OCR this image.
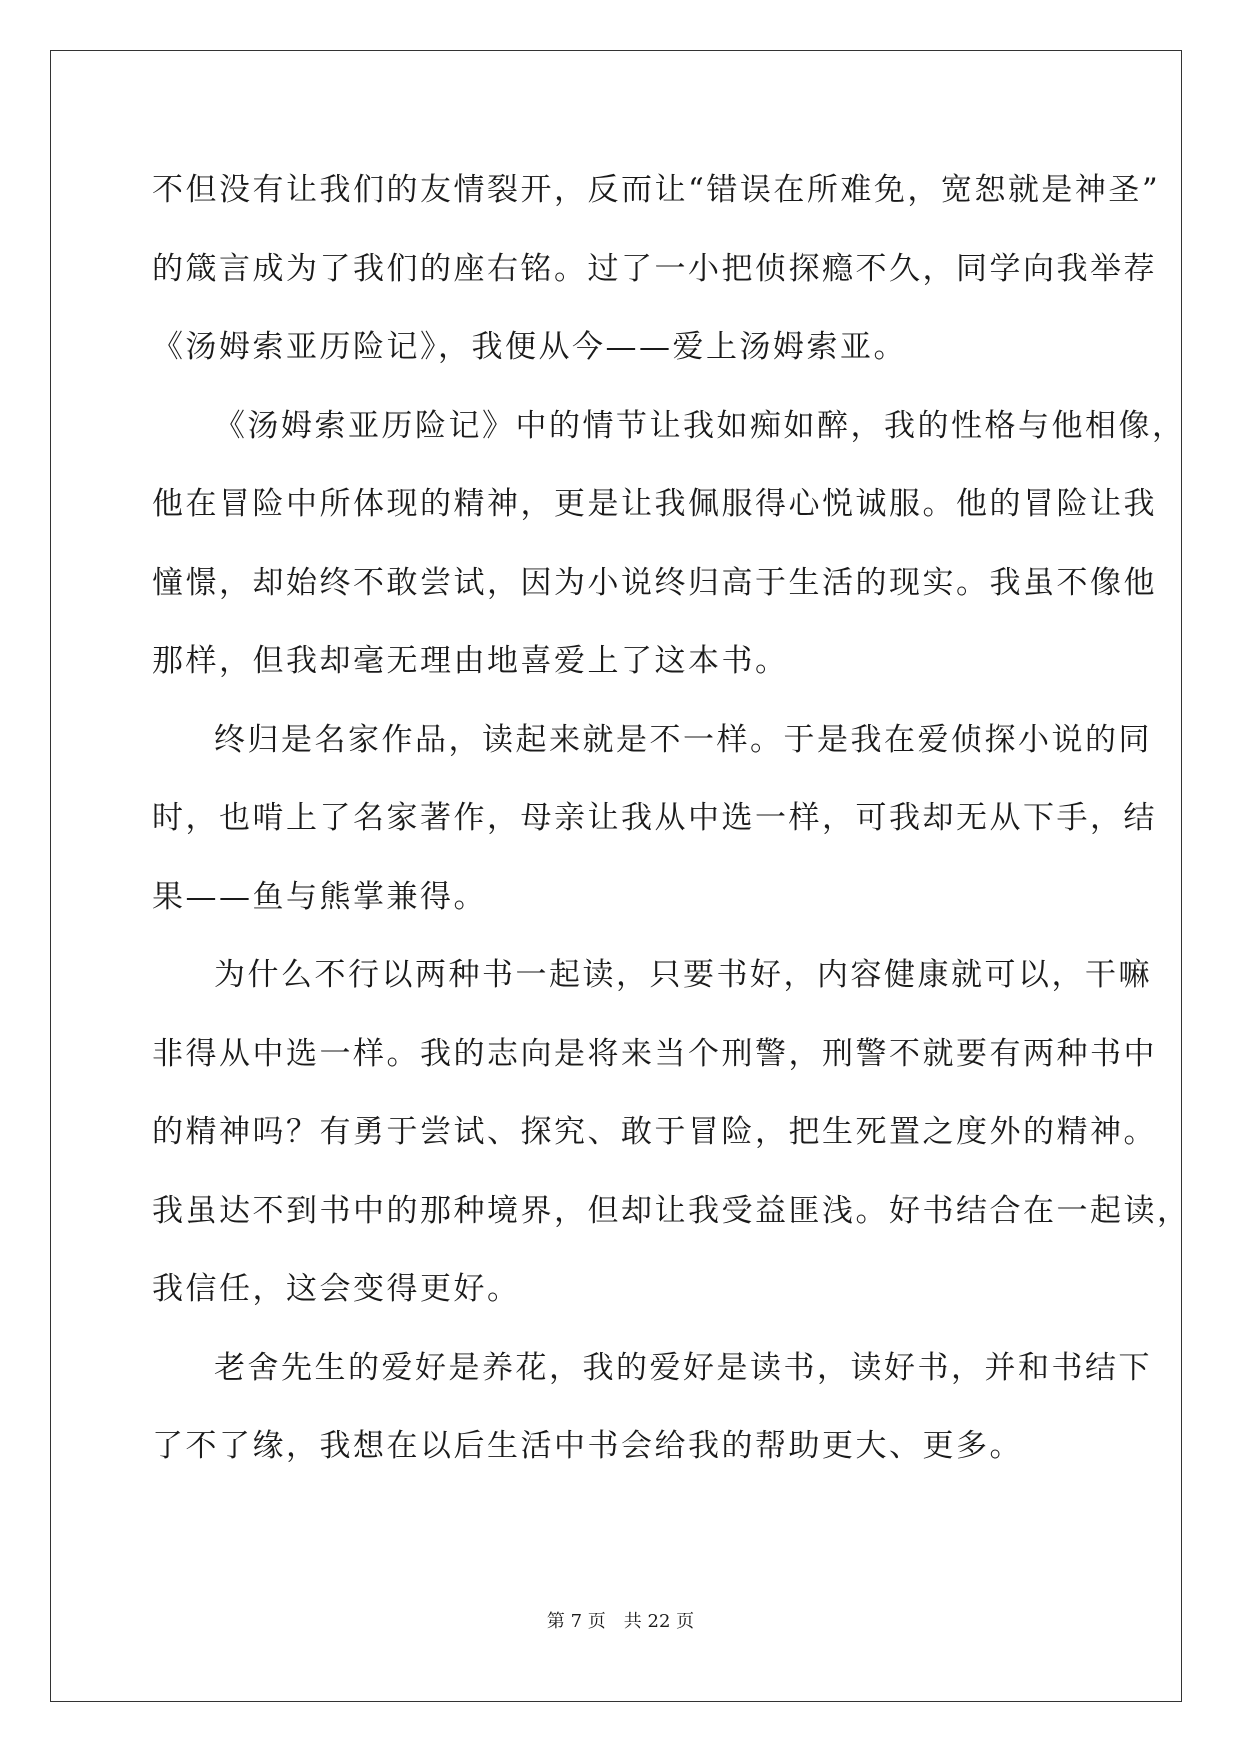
不但没有让我们的友情裂开，反而让“错误在所难免，宽恕就是神圣”
的箴言成为了我们的座右铭。过了一小把侦探瘾不久，同学向我举荐
《汤姆索亚历险记》，我便从今——爱上汤姆索亚。
《汤姆索亚历险记》中的情节让我如痴如醉，我的性格与他相像，
他在冒险中所体现的精神，更是让我佩服得心悦诚服。他的冒险让我
憧憬，却始终不敢尝试，因为小说终归高于生活的现实。我虽不像他
那样，但我却毫无理由地喜爱上了这本书。
终归是名家作品，读起来就是不一样。于是我在爱侦探小说的同
时，也啃上了名家著作，母亲让我从中选一样，可我却无从下手，结
果——鱼与熊掌兼得。
为什么不行以两种书一起读，只要书好，内容健康就可以，干嘛
非得从中选一样。我的志向是将来当个刑警，刑警不就要有两种书中
的精神吗？有勇于尝试、探究、敢于冒险，把生死置之度外的精神。
我虽达不到书中的那种境界，但却让我受益匪浅。好书结合在一起读，
我信任，这会变得更好。
老舍先生的爱好是养花，我的爱好是读书，读好书，并和书结下
了不了缘，我想在以后生活中书会给我的帮助更大、更多。
第 7 页　共 22 页
